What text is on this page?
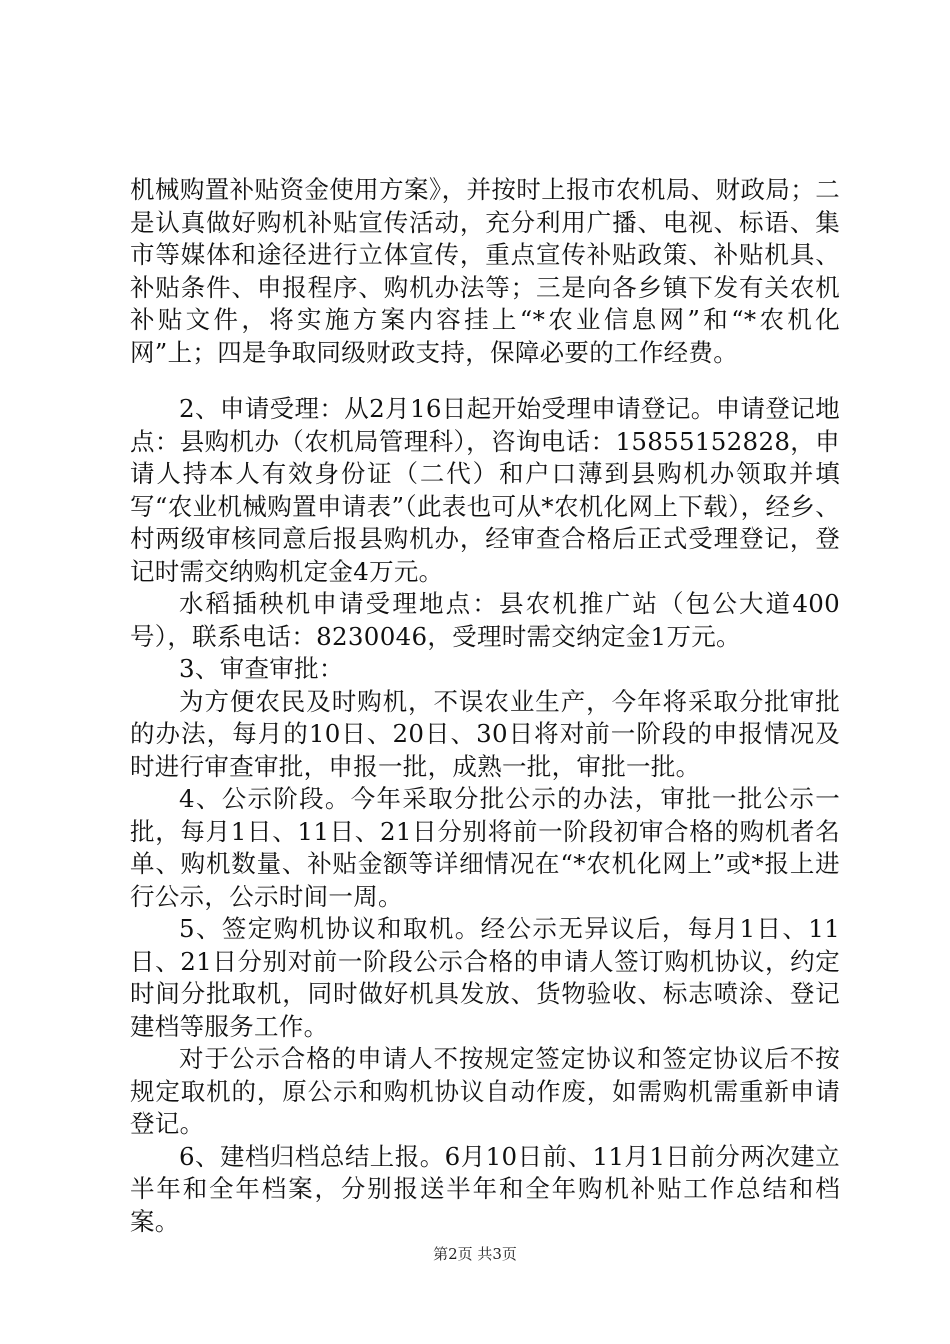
机械购置补贴资金使用方案》，并按时上报市农机局、财政局；二是认真做好购机补贴宣传活动，充分利用广播、电视、标语、集市等媒体和途径进行立体宣传，重点宣传补贴政策、补贴机具、补贴条件、申报程序、购机办法等；三是向各乡镇下发有关农机补贴文件，将实施方案内容挂上“*农业信息网”和“*农机化网”上；四是争取同级财政支持，保障必要的工作经费。

2、申请受理：从2月16日起开始受理申请登记。申请登记地点：县购机办（农机局管理科），咨询电话：15855152828，申请人持本人有效身份证（二代）和户口薄到县购机办领取并填写“农业机械购置申请表”（此表也可从*农机化网上下载），经乡、村两级审核同意后报县购机办，经审查合格后正式受理登记，登记时需交纳购机定金4万元。

水稻插秧机申请受理地点：县农机推广站（包公大道400号），联系电话：8230046，受理时需交纳定金1万元。

3、审查审批：

为方便农民及时购机，不误农业生产，今年将采取分批审批的办法，每月的10日、20日、30日将对前一阶段的申报情况及时进行审查审批，申报一批，成熟一批，审批一批。

4、公示阶段。今年采取分批公示的办法，审批一批公示一批，每月1日、11日、21日分别将前一阶段初审合格的购机者名单、购机数量、补贴金额等详细情况在“*农机化网上”或*报上进行公示，公示时间一周。

5、签定购机协议和取机。经公示无异议后，每月1日、11日、21日分别对前一阶段公示合格的申请人签订购机协议，约定时间分批取机，同时做好机具发放、货物验收、标志喷涂、登记建档等服务工作。

对于公示合格的申请人不按规定签定协议和签定协议后不按规定取机的，原公示和购机协议自动作废，如需购机需重新申请登记。

6、建档归档总结上报。6月10日前、11月1日前分两次建立半年和全年档案，分别报送半年和全年购机补贴工作总结和档案。

第2页 共3页
